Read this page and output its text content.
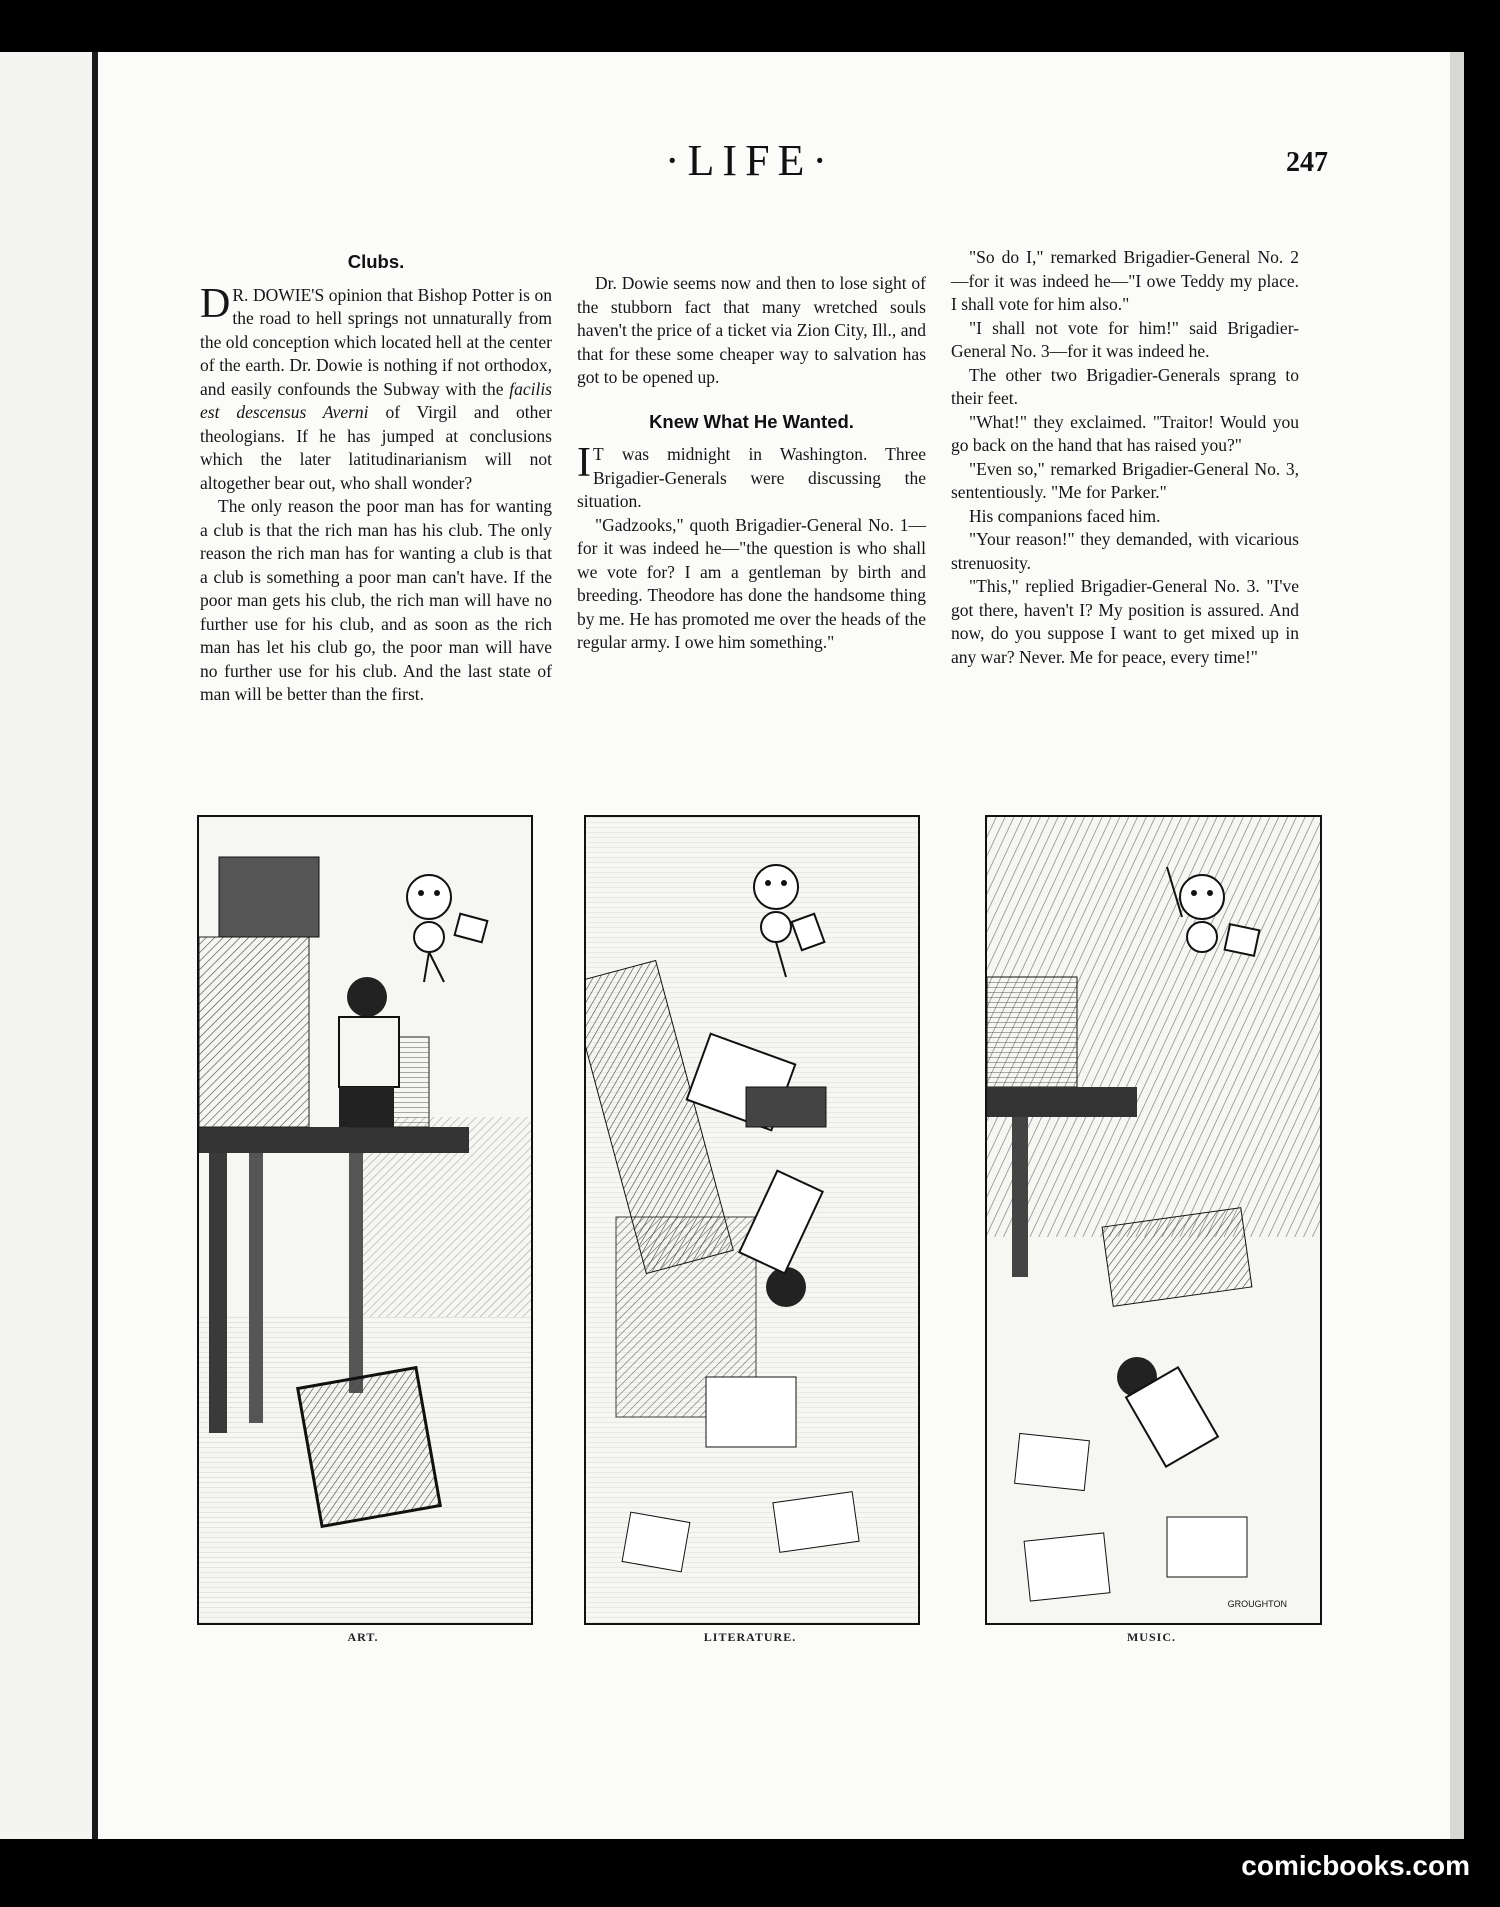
·LIFE·	247
Clubs.

D R. DOWIE'S opinion that Bishop Potter is on the road to hell springs not unnaturally from the old conception which located hell at the center of the earth. Dr. Dowie is nothing if not orthodox, and easily confounds the Subway with the facilis est descensus Averni of Virgil and other theologians. If he has jumped at conclusions which the later latitudinarianism will not altogether bear out, who shall wonder?

The only reason the poor man has for wanting a club is that the rich man has his club. The only reason the rich man has for wanting a club is that a club is something a poor man can't have. If the poor man gets his club, the rich man will have no further use for his club, and as soon as the rich man has let his club go, the poor man will have no further use for his club. And the last state of man will be better than the first.

Dr. Dowie seems now and then to lose sight of the stubborn fact that many wretched souls haven't the price of a ticket via Zion City, Ill., and that for these some cheaper way to salvation has got to be opened up.

Knew What He Wanted.

I T was midnight in Washington. Three Brigadier-Generals were discussing the situation.

"Gadzooks," quoth Brigadier-General No. 1—for it was indeed he—"the question is who shall we vote for? I am a gentleman by birth and breeding. Theodore has done the handsome thing by me. He has promoted me over the heads of the regular army. I owe him something."

"So do I," remarked Brigadier-General No. 2—for it was indeed he—"I owe Teddy my place. I shall vote for him also."

"I shall not vote for him!" said Brigadier-General No. 3—for it was indeed he.

The other two Brigadier-Generals sprang to their feet.

"What!" they exclaimed. "Traitor! Would you go back on the hand that has raised you?"

"Even so," remarked Brigadier-General No. 3, sententiously. "Me for Parker."

His companions faced him.

"Your reason!" they demanded, with vicarious strenuosity.

"This," replied Brigadier-General No. 3. "I've got there, haven't I? My position is assured. And now, do you suppose I want to get mixed up in any war? Never. Me for peace, every time!"

GROUGHTON
ART.	LITERATURE.	MUSIC.
comicbooks.com
